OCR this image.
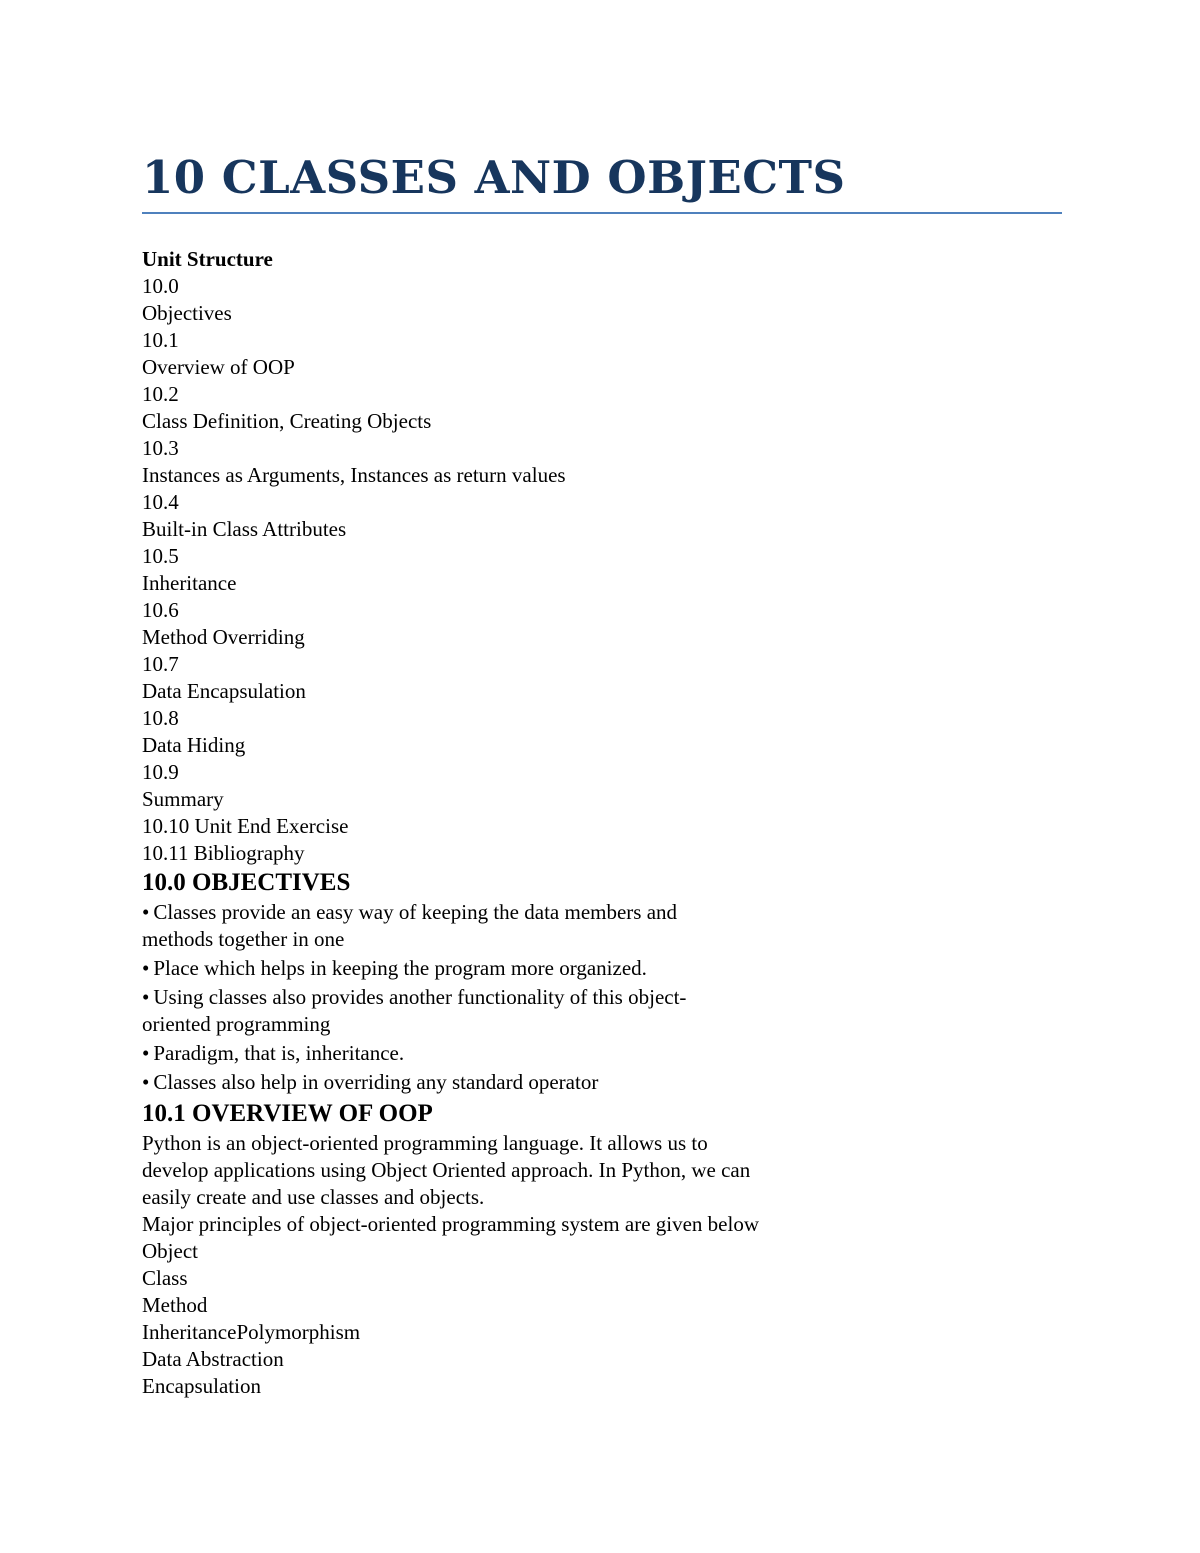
10 CLASSES AND OBJECTS
Unit Structure
10.0
Objectives
10.1
Overview of OOP
10.2
Class Definition, Creating Objects
10.3
Instances as Arguments, Instances as return values
10.4
Built-in Class Attributes
10.5
Inheritance
10.6
Method Overriding
10.7
Data Encapsulation
10.8
Data Hiding
10.9
Summary
10.10 Unit End Exercise
10.11 Bibliography
10.0 OBJECTIVES
• Classes provide an easy way of keeping the data members and
methods together in one
• Place which helps in keeping the program more organized.
• Using classes also provides another functionality of this object-
oriented programming
• Paradigm, that is, inheritance.
• Classes also help in overriding any standard operator
10.1 OVERVIEW OF OOP
Python is an object-oriented programming language. It allows us to
develop applications using Object Oriented approach. In Python, we can
easily create and use classes and objects.
Major principles of object-oriented programming system are given below
Object
Class
Method
InheritancePolymorphism
Data Abstraction
Encapsulation
